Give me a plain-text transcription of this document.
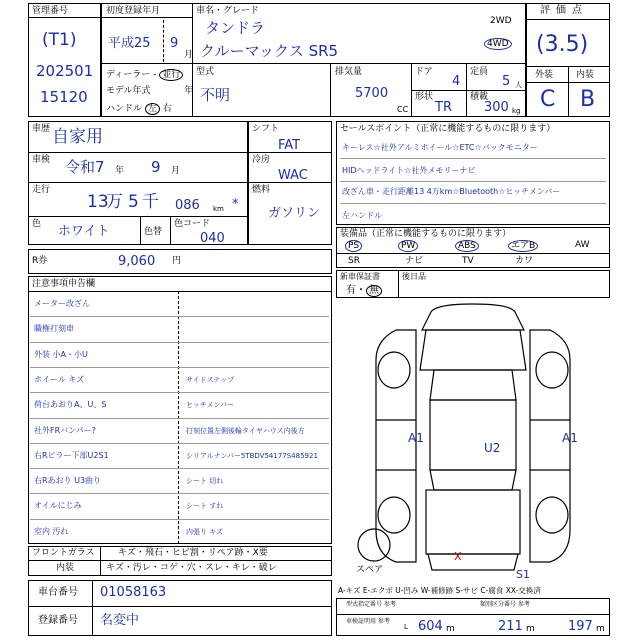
管理番号
(T1)
202501
15120
初度登録年月
平成25 9
月
車名・グレード
タンドラ
クルーマックス SR5
2WD
4WD
ディーラー - 並行
モデル年式	年
ハンドル 左 右
型式
不明
排気量
5700
CC
ドア
4
定員
5 人
形状
TR
積載
300 kg
評価点
(3.5)
外装	内装
C B
車歴 自家用
車検 令和7 年 9 月
走行
13
万 5 千 086 km *
色 ホワイト	色替
色コード
040
シフト
FAT
冷房
WAC
燃料
ガソリン
R券	9,060 円
セールスポイント（正常に機能するものに限ります）
キーレス☆社外アルミホイール☆ETC☆バックモニター
HIDヘッドライト☆社外メモリーナビ
改ざん車・走行距離13 4万km☆Bluetooth☆ヒッチメンバー
左ハンドル
装備品（正常に機能するものに限ります）
PS	PW	ABS	エアB	AW
SR	ナビ	TV	カワ
新車保証書
有・ 無
後日品
注意事項申告欄
メーター改ざん
職権打刻車
外装 小A・小U
ホイール キズ	サイドステップ
荷台あおりA、U、S	ヒッチメンバー
社外FRバンパー?	打刻位置左側後輪タイヤハウス内後方
右Rピラー下部U2S1	シリアルナンバー5TBDV54177S485921
右Rあおり U3曲り	シート 切れ
オイルにじみ	シート すれ
室内 汚れ	内張り キズ
フロントガラス	キズ・飛石・ヒビ割・リペア跡・X要
内装	キズ・汚レ・コゲ・穴・スレ・キレ・破レ
車台番号 01058163
登録番号 名変中
A1
U2
A1
スペア	S1
X
A-キズ E-エクボ U-凹み W-補修跡 S-サビ C-腐食 XX-交換済
型式指定番号 参考	類別区分番号 参考
車検証明用 参考
L 604 m	211 m	197 m
